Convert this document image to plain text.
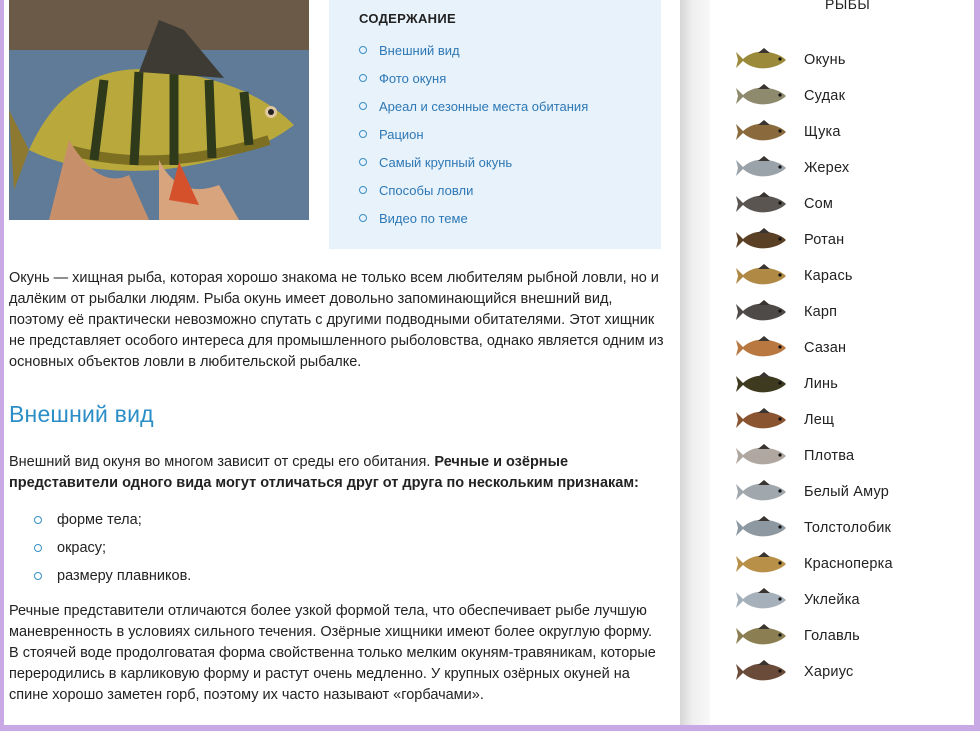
СОДЕРЖАНИЕ
Внешний вид
Фото окуня
Ареал и сезонные места обитания
Рацион
Самый крупный окунь
Способы ловли
Видео по теме

Окунь — хищная рыба, которая хорошо знакома не только всем любителям рыбной ловли, но и далёким от рыбалки людям. Рыба окунь имеет довольно запоминающийся внешний вид, поэтому её практически невозможно спутать с другими подводными обитателями. Этот хищник не представляет особого интереса для промышленного рыболовства, однако является одним из основных объектов ловли в любительской рыбалке.

Внешний вид

Внешний вид окуня во многом зависит от среды его обитания. Речные и озёрные представители одного вида могут отличаться друг от друга по нескольким признакам:

форме тела;
окрасу;
размеру плавников.

Речные представители отличаются более узкой формой тела, что обеспечивает рыбе лучшую маневренность в условиях сильного течения. Озёрные хищники имеют более округлую форму. В стоячей воде продолговатая форма свойственна только мелким окуням-травяникам, которые переродились в карликовую форму и растут очень медленно. У крупных озёрных окуней на спине хорошо заметен горб, поэтому их часто называют «горбачами».

РЫБЫ
Окунь
Судак
Щука
Жерех
Сом
Ротан
Карась
Карп
Сазан
Линь
Лещ
Плотва
Белый Амур
Толстолобик
Красноперка
Уклейка
Голавль
Хариус
